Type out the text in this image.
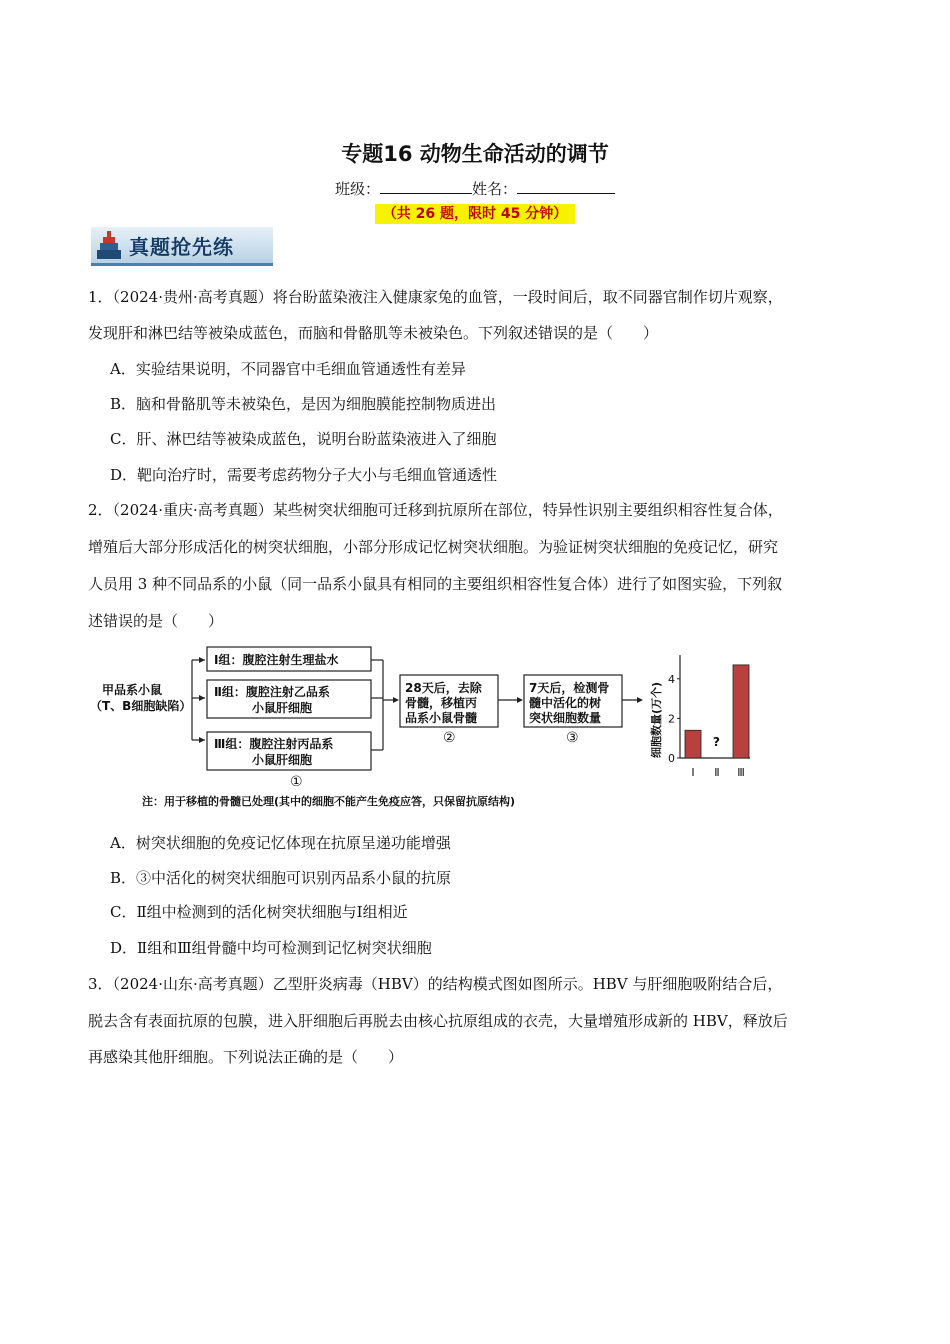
专题16 动物生命活动的调节
班级：	姓名：
（共 26 题，限时 45 分钟）
真题抢先练
1．（2024·贵州·高考真题）将台盼蓝染液注入健康家兔的血管，一段时间后，取不同器官制作切片观察，
发现肝和淋巴结等被染成蓝色，而脑和骨骼肌等未被染色。下列叙述错误的是（　　）
A．实验结果说明，不同器官中毛细血管通透性有差异
B．脑和骨骼肌等未被染色，是因为细胞膜能控制物质进出
C．肝、淋巴结等被染成蓝色，说明台盼蓝染液进入了细胞
D．靶向治疗时，需要考虑药物分子大小与毛细血管通透性
2．（2024·重庆·高考真题）某些树突状细胞可迁移到抗原所在部位，特异性识别主要组织相容性复合体，
增殖后大部分形成活化的树突状细胞，小部分形成记忆树突状细胞。为验证树突状细胞的免疫记忆，研究
人员用 3 种不同品系的小鼠（同一品系小鼠具有相同的主要组织相容性复合体）进行了如图实验，下列叙
述错误的是（　　）
甲品系小鼠
（T、B细胞缺陷）
Ⅰ组：腹腔注射生理盐水
Ⅱ组：腹腔注射乙品系
小鼠肝细胞
Ⅲ组：腹腔注射丙品系
小鼠肝细胞
①
28天后，去除
骨髓，移植丙
品系小鼠骨髓
②
7天后，检测骨
髓中活化的树
突状细胞数量
③
注：用于移植的骨髓已处理(其中的细胞不能产生免疫应答，只保留抗原结构)
细胞数量(万个)
0
2
4
Ⅰ
?
Ⅱ Ⅲ
A．树突状细胞的免疫记忆体现在抗原呈递功能增强
B．③中活化的树突状细胞可识别丙品系小鼠的抗原
C．Ⅱ组中检测到的活化树突状细胞与Ⅰ组相近
D．Ⅱ组和Ⅲ组骨髓中均可检测到记忆树突状细胞
3．（2024·山东·高考真题）乙型肝炎病毒（HBV）的结构模式图如图所示。HBV 与肝细胞吸附结合后，
脱去含有表面抗原的包膜，进入肝细胞后再脱去由核心抗原组成的衣壳，大量增殖形成新的 HBV，释放后
再感染其他肝细胞。下列说法正确的是（　　）
